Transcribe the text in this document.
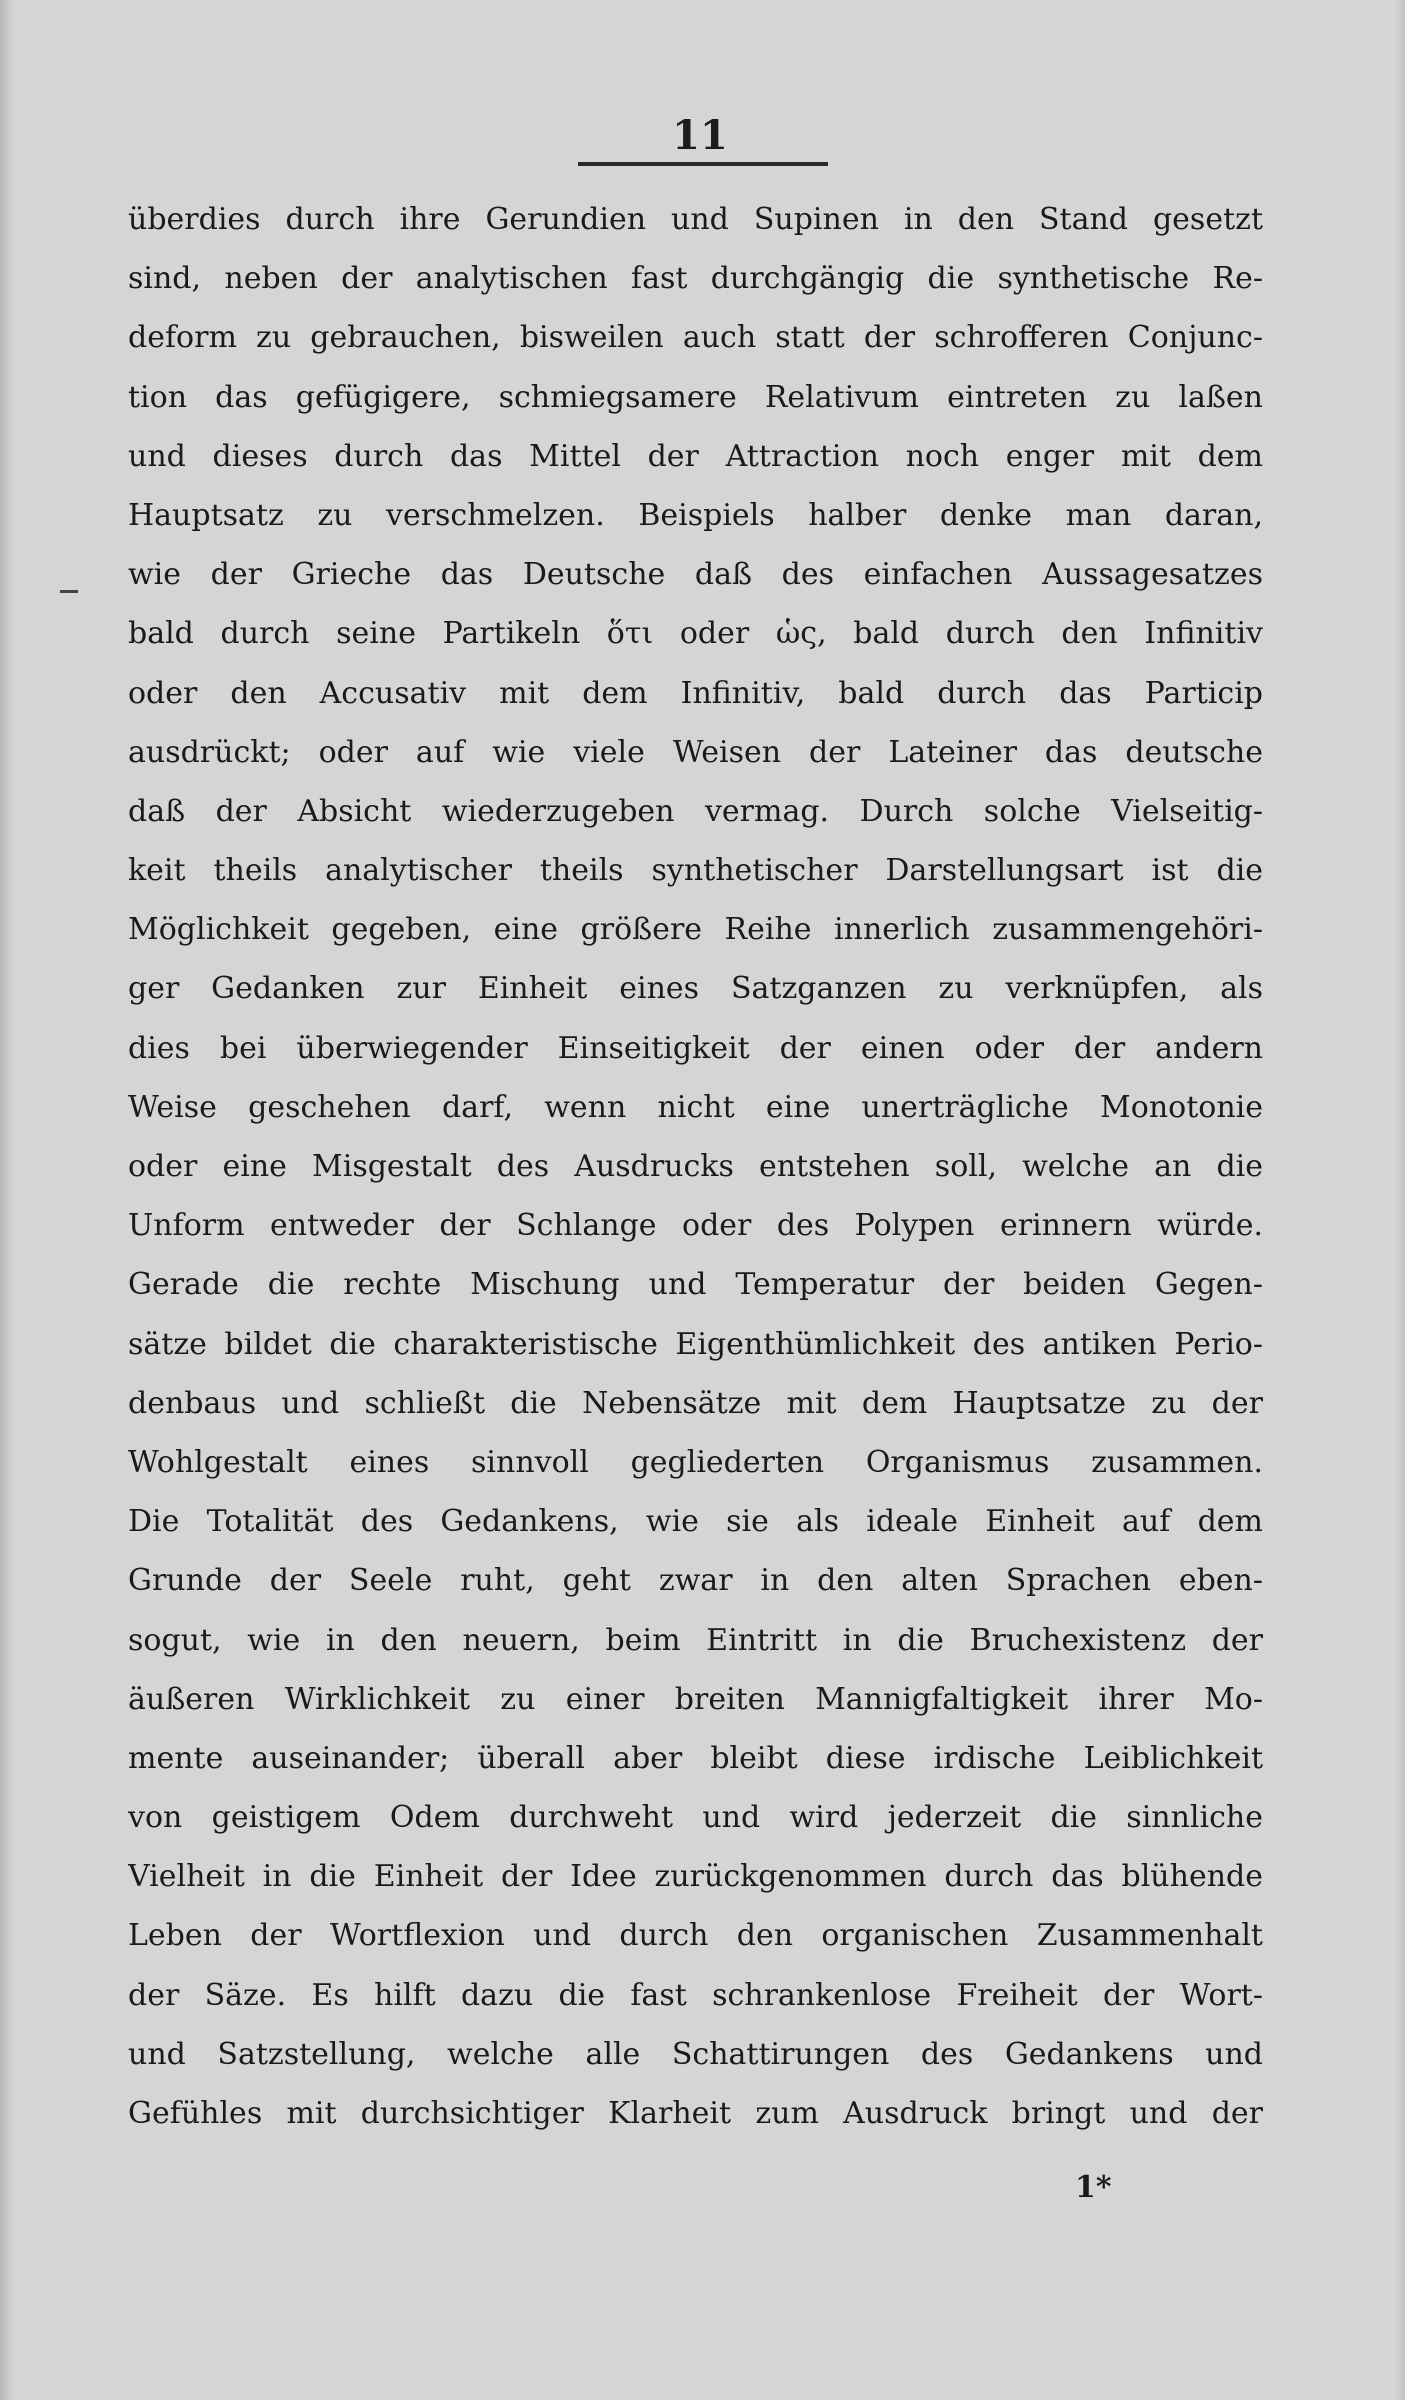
11
überdies durch ihre Gerundien und Supinen in den Stand gesetzt
sind, neben der analytischen fast durchgängig die synthetische Re-
deform zu gebrauchen, bisweilen auch statt der schrofferen Conjunc-
tion das gefügigere, schmiegsamere Relativum eintreten zu laßen
und dieses durch das Mittel der Attraction noch enger mit dem
Hauptsatz zu verschmelzen. Beispiels halber denke man daran,
wie der Grieche das Deutsche daß des einfachen Aussagesatzes
bald durch seine Partikeln ὅτι oder ὡς, bald durch den Infinitiv
oder den Accusativ mit dem Infinitiv, bald durch das Particip
ausdrückt; oder auf wie viele Weisen der Lateiner das deutsche
daß der Absicht wiederzugeben vermag. Durch solche Vielseitig-
keit theils analytischer theils synthetischer Darstellungsart ist die
Möglichkeit gegeben, eine größere Reihe innerlich zusammengehöri-
ger Gedanken zur Einheit eines Satzganzen zu verknüpfen, als
dies bei überwiegender Einseitigkeit der einen oder der andern
Weise geschehen darf, wenn nicht eine unerträgliche Monotonie
oder eine Misgestalt des Ausdrucks entstehen soll, welche an die
Unform entweder der Schlange oder des Polypen erinnern würde.
Gerade die rechte Mischung und Temperatur der beiden Gegen-
sätze bildet die charakteristische Eigenthümlichkeit des antiken Perio-
denbaus und schließt die Nebensätze mit dem Hauptsatze zu der
Wohlgestalt eines sinnvoll gegliederten Organismus zusammen.
Die Totalität des Gedankens, wie sie als ideale Einheit auf dem
Grunde der Seele ruht, geht zwar in den alten Sprachen eben-
sogut, wie in den neuern, beim Eintritt in die Bruchexistenz der
äußeren Wirklichkeit zu einer breiten Mannigfaltigkeit ihrer Mo-
mente auseinander; überall aber bleibt diese irdische Leiblichkeit
von geistigem Odem durchweht und wird jederzeit die sinnliche
Vielheit in die Einheit der Idee zurückgenommen durch das blühende
Leben der Wortflexion und durch den organischen Zusammenhalt
der Säze. Es hilft dazu die fast schrankenlose Freiheit der Wort-
und Satzstellung, welche alle Schattirungen des Gedankens und
Gefühles mit durchsichtiger Klarheit zum Ausdruck bringt und der
1*
